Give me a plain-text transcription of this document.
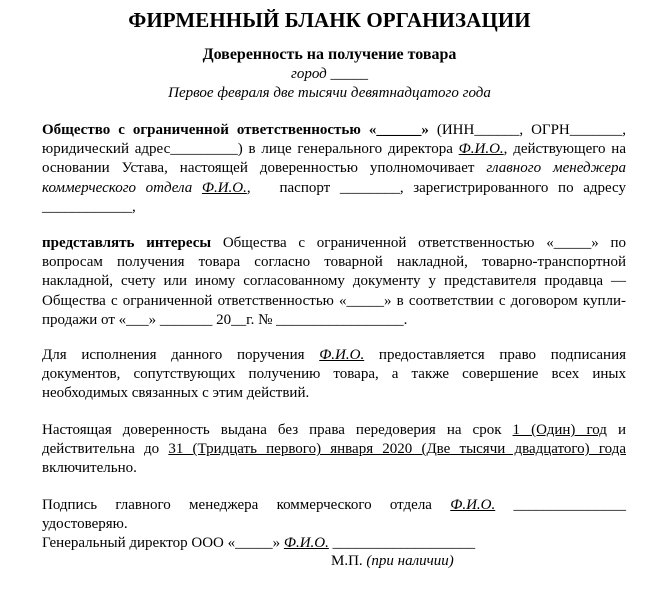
ФИРМЕННЫЙ БЛАНК ОРГАНИЗАЦИИ
Доверенность на получение товара
город _____
Первое февраля две тысячи девятнадцатого года
Общество с ограниченной ответственностью «______» (ИНН______, ОГРН_______,
юридический адрес_________) в лице генерального директора Ф.И.О., действующего на
основании Устава, настоящей доверенностью уполномочивает главного менеджера
коммерческого отдела Ф.И.О.,   паспорт ________, зарегистрированного по адресу
____________,
представлять интересы Общества с ограниченной ответственностью «_____» по
вопросам получения товара согласно товарной накладной, товарно-транспортной
накладной, счету или иному согласованному документу у представителя продавца —
Общества с ограниченной ответственностью «_____» в соответствии с договором купли-
продажи от «___» _______ 20__г. № _________________.
Для исполнения данного поручения Ф.И.О. предоставляется право подписания
документов, сопутствующих получению товара, а также совершение всех иных
необходимых связанных с этим действий.
Настоящая доверенность выдана без права передоверия на срок 1 (Один) год и
действительна до 31 (Тридцать первого) января 2020 (Две тысячи двадцатого) года
включительно.
Подпись главного менеджера коммерческого отдела Ф.И.О. _______________
удостоверяю.
Генеральный директор ООО «_____» Ф.И.О. ___________________
М.П. (при наличии)
